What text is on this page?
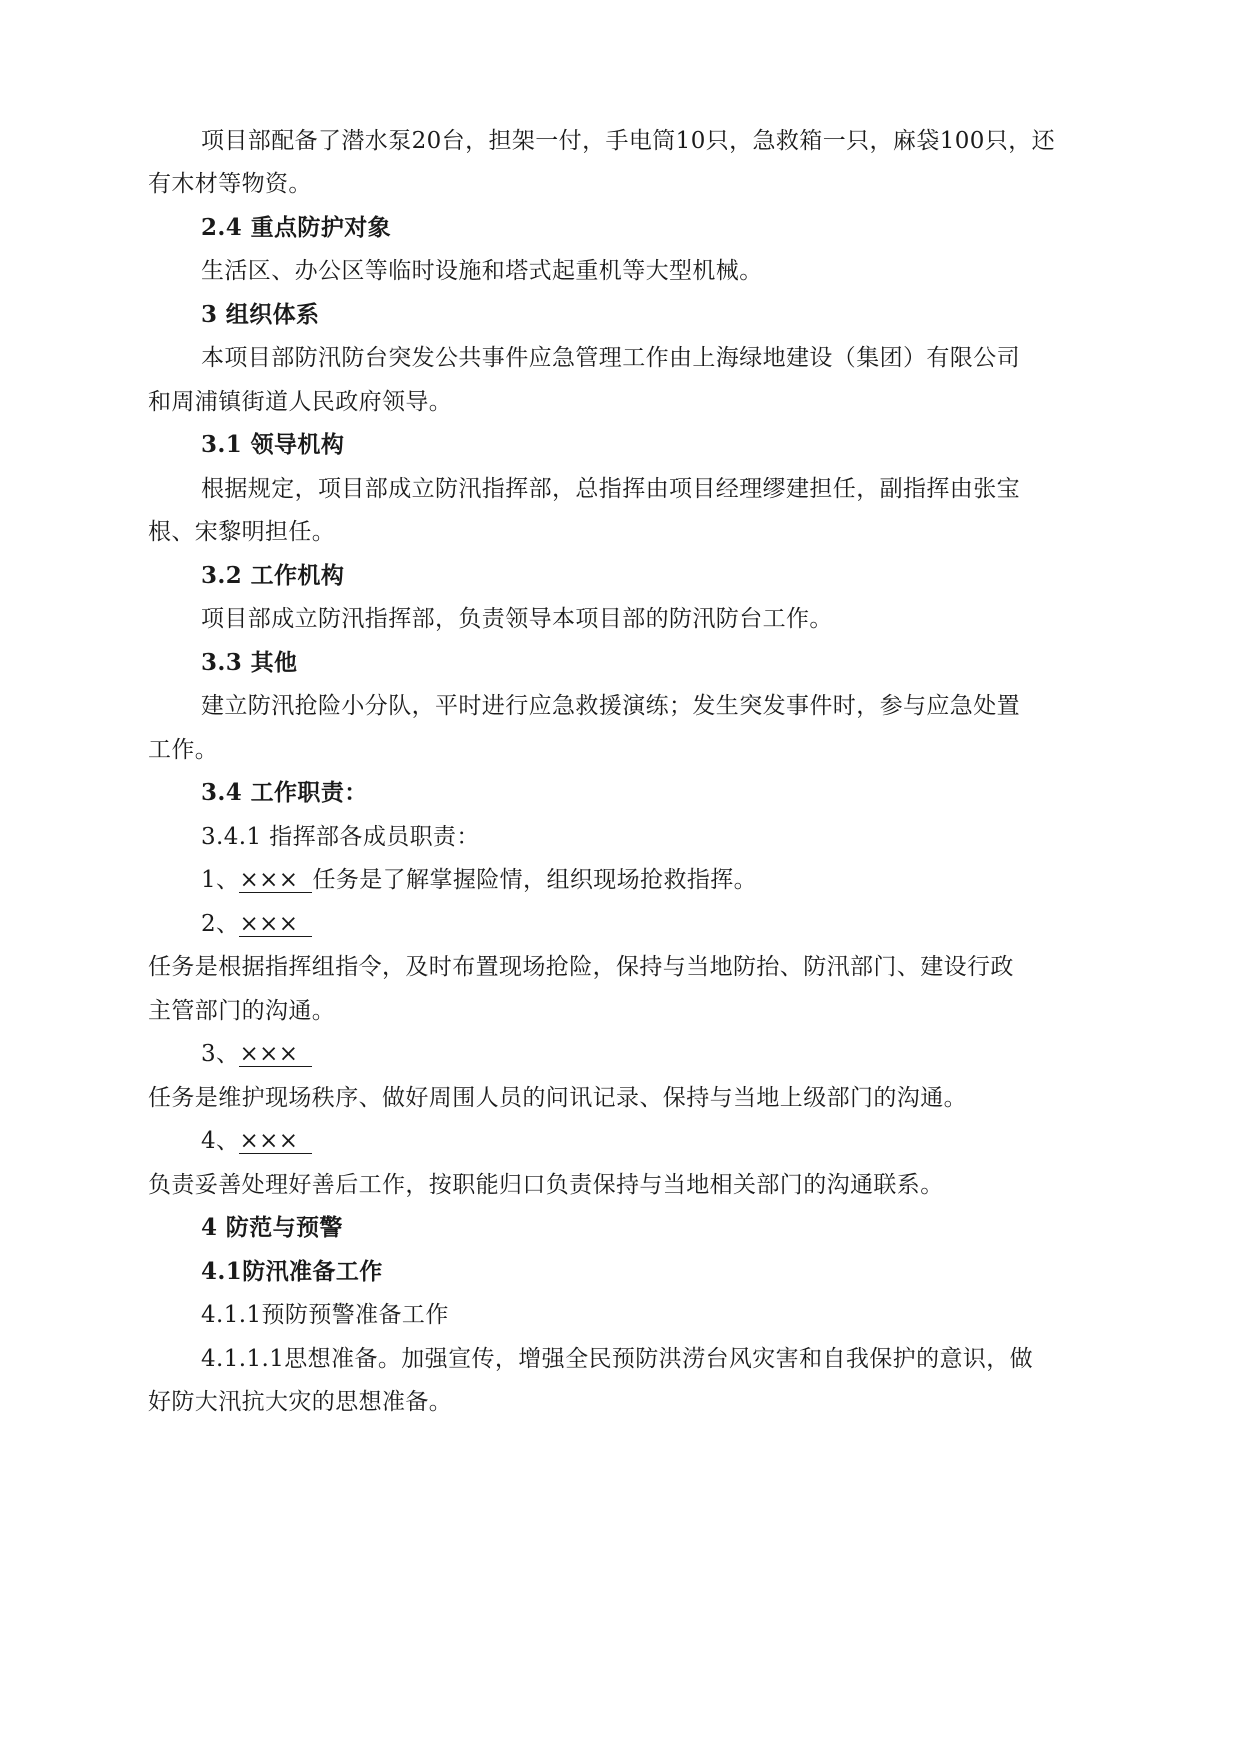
项目部配备了潜水泵20台，担架一付，手电筒10只，急救箱一只，麻袋100只，还
有木材等物资。
2.4 重点防护对象
生活区、办公区等临时设施和塔式起重机等大型机械。
3 组织体系
本项目部防汛防台突发公共事件应急管理工作由上海绿地建设（集团）有限公司
和周浦镇街道人民政府领导。
3.1 领导机构
根据规定，项目部成立防汛指挥部，总指挥由项目经理缪建担任，副指挥由张宝
根、宋黎明担任。
3.2 工作机构
项目部成立防汛指挥部，负责领导本项目部的防汛防台工作。
3.3 其他
建立防汛抢险小分队，平时进行应急救援演练；发生突发事件时，参与应急处置
工作。
3.4 工作职责：
3.4.1 指挥部各成员职责：
1、××× 任务是了解掌握险情，组织现场抢救指挥。
2、×××
任务是根据指挥组指令，及时布置现场抢险，保持与当地防抬、防汛部门、建设行政
主管部门的沟通。
3、×××
任务是维护现场秩序、做好周围人员的问讯记录、保持与当地上级部门的沟通。
4、×××
负责妥善处理好善后工作，按职能归口负责保持与当地相关部门的沟通联系。
4 防范与预警
4.1防汛准备工作
4.1.1预防预警准备工作
4.1.1.1思想准备。加强宣传，增强全民预防洪涝台风灾害和自我保护的意识，做
好防大汛抗大灾的思想准备。
